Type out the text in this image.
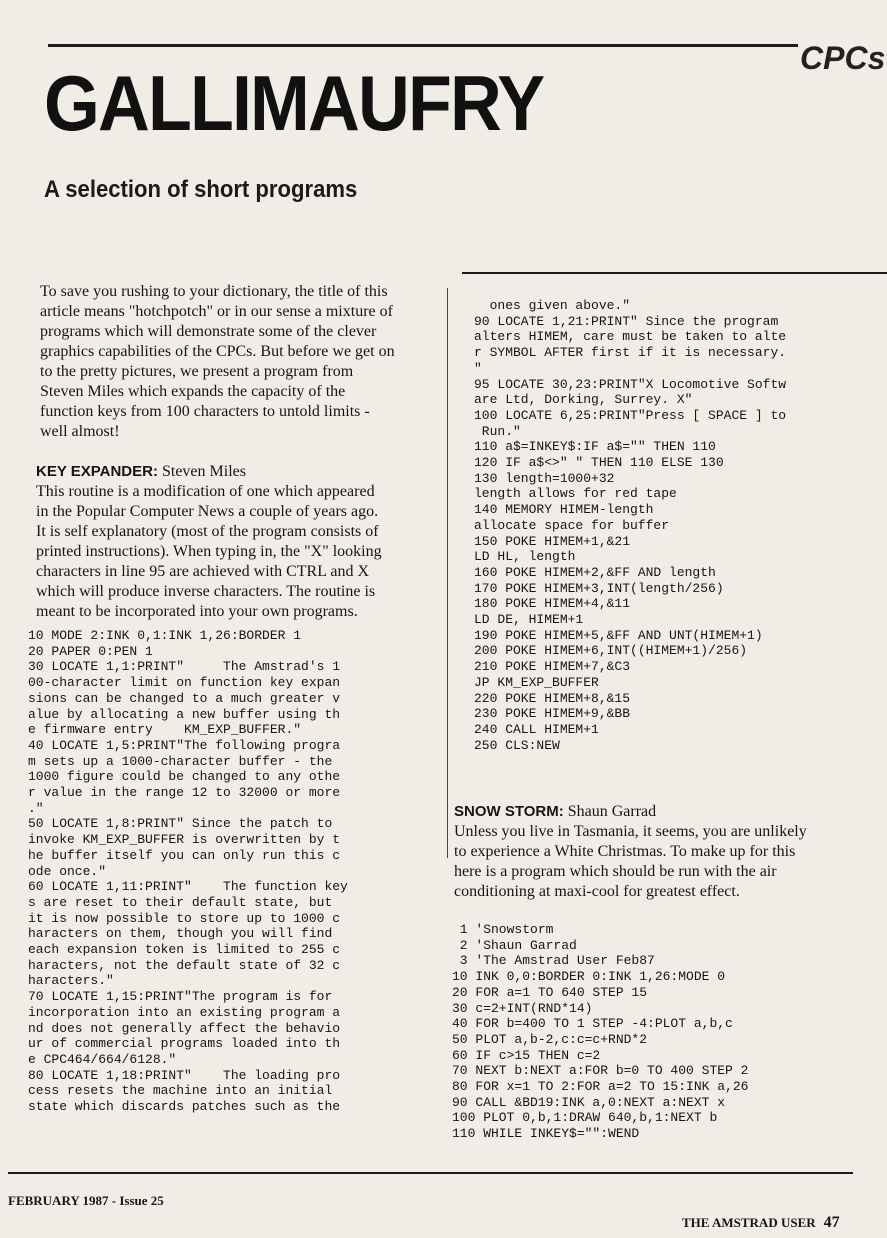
CPCs
GALLIMAUFRY
A selection of short programs
To save you rushing to your dictionary, the title of this
article means "hotchpotch" or in our sense a mixture of
programs which will demonstrate some of the clever
graphics capabilities of the CPCs. But before we get on
to the pretty pictures, we present a program from
Steven Miles which expands the capacity of the
function keys from 100 characters to untold limits -
well almost!
KEY EXPANDER: Steven Miles
This routine is a modification of one which appeared
in the Popular Computer News a couple of years ago.
It is self explanatory (most of the program consists of
printed instructions). When typing in, the "X" looking
characters in line 95 are achieved with CTRL and X
which will produce inverse characters. The routine is
meant to be incorporated into your own programs.
10 MODE 2:INK 0,1:INK 1,26:BORDER 1
20 PAPER 0:PEN 1
30 LOCATE 1,1:PRINT"     The Amstrad's 1
00-character limit on function key expan
sions can be changed to a much greater v
alue by allocating a new buffer using th
e firmware entry    KM_EXP_BUFFER."
40 LOCATE 1,5:PRINT"The following progra
m sets up a 1000-character buffer - the
1000 figure could be changed to any othe
r value in the range 12 to 32000 or more
."
50 LOCATE 1,8:PRINT" Since the patch to
invoke KM_EXP_BUFFER is overwritten by t
he buffer itself you can only run this c
ode once."
60 LOCATE 1,11:PRINT"    The function key
s are reset to their default state, but
it is now possible to store up to 1000 c
haracters on them, though you will find
each expansion token is limited to 255 c
haracters, not the default state of 32 c
haracters."
70 LOCATE 1,15:PRINT"The program is for
incorporation into an existing program a
nd does not generally affect the behavio
ur of commercial programs loaded into th
e CPC464/664/6128."
80 LOCATE 1,18:PRINT"    The loading pro
cess resets the machine into an initial
state which discards patches such as the
ones given above."
90 LOCATE 1,21:PRINT" Since the program
alters HIMEM, care must be taken to alte
r SYMBOL AFTER first if it is necessary.
"
95 LOCATE 30,23:PRINT"X Locomotive Softw
are Ltd, Dorking, Surrey. X"
100 LOCATE 6,25:PRINT"Press [ SPACE ] to
Run."
110 a$=INKEY$:IF a$="" THEN 110
120 IF a$<>" " THEN 110 ELSE 130
130 length=1000+32
length allows for red tape
140 MEMORY HIMEM-length
allocate space for buffer
150 POKE HIMEM+1,&21
LD HL, length
160 POKE HIMEM+2,&FF AND length
170 POKE HIMEM+3,INT(length/256)
180 POKE HIMEM+4,&11
LD DE, HIMEM+1
190 POKE HIMEM+5,&FF AND UNT(HIMEM+1)
200 POKE HIMEM+6,INT((HIMEM+1)/256)
210 POKE HIMEM+7,&C3
JP KM_EXP_BUFFER
220 POKE HIMEM+8,&15
230 POKE HIMEM+9,&BB
240 CALL HIMEM+1
250 CLS:NEW
SNOW STORM: Shaun Garrad
Unless you live in Tasmania, it seems, you are unlikely
to experience a White Christmas. To make up for this
here is a program which should be run with the air
conditioning at maxi-cool for greatest effect.
1 'Snowstorm
2 'Shaun Garrad
3 'The Amstrad User Feb87
10 INK 0,0:BORDER 0:INK 1,26:MODE 0
20 FOR a=1 TO 640 STEP 15
30 c=2+INT(RND*14)
40 FOR b=400 TO 1 STEP -4:PLOT a,b,c
50 PLOT a,b-2,c:c=c+RND*2
60 IF c>15 THEN c=2
70 NEXT b:NEXT a:FOR b=0 TO 400 STEP 2
80 FOR x=1 TO 2:FOR a=2 TO 15:INK a,26
90 CALL &BD19:INK a,0:NEXT a:NEXT x
100 PLOT 0,b,1:DRAW 640,b,1:NEXT b
110 WHILE INKEY$="":WEND
FEBRUARY 1987 - Issue 25
THE AMSTRAD USER 47
